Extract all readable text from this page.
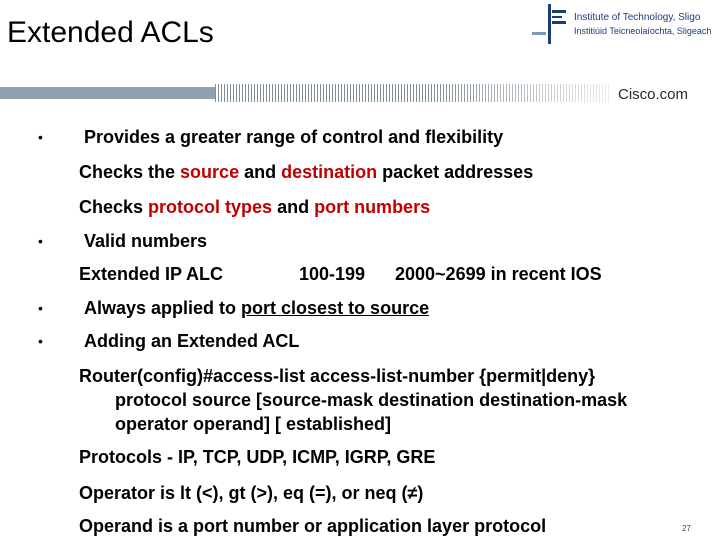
Extended ACLs	Institute of Technology, Sligo
Institiúid Teicneolaíochta, Sligeach
Cisco.com
• Provides a greater range of control and flexibility
Checks the source and destination packet addresses
Checks protocol types and port numbers
• Valid numbers
Extended IP ALC	100-199 2000~2699 in recent IOS
• Always applied to port closest to source
• Adding an Extended ACL
Router(config)#access-list access-list-number {permit|deny}
protocol source [source-mask destination destination-mask
operator operand] [ established]
Protocols - IP, TCP, UDP, ICMP, IGRP, GRE
Operator is lt (<), gt (>), eq (=), or neq (≠)
Operand is a port number or application layer protocol	27
